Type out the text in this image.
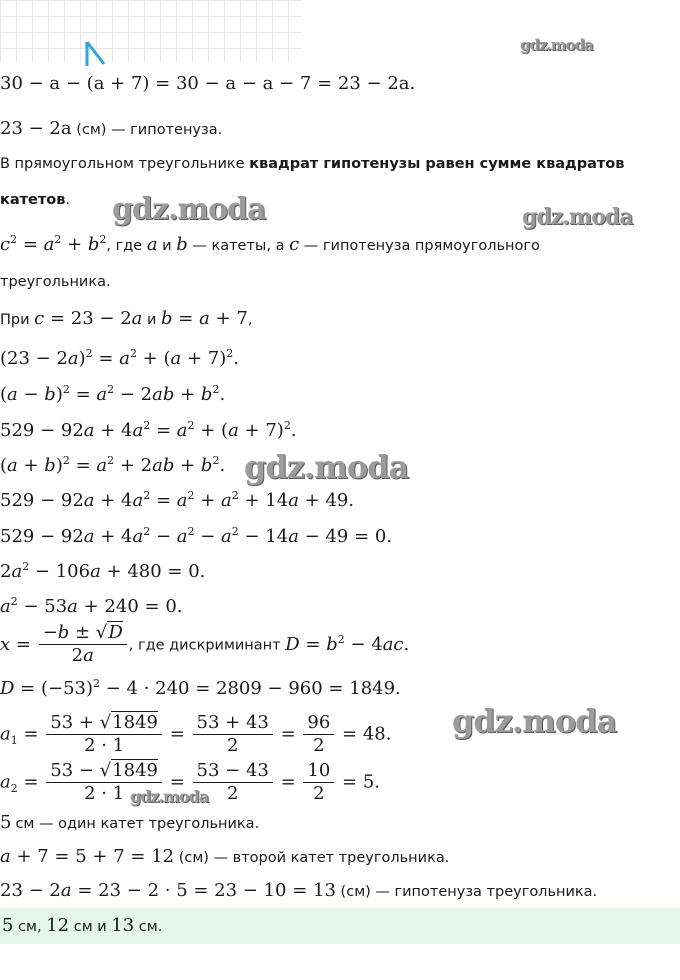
gdz.moda
gdz.moda	gdz.moda
gdz.moda
gdz.moda
gdz.moda
30 − a − (a + 7) = 30 − a − a − 7 = 23 − 2a.
23 − 2a (см) — гипотенуза.
В прямоугольном треугольнике квадрат гипотенузы равен сумме квадратов
катетов.
$c^2 = a^2 + b^2$, где a и b — катеты, а c — гипотенуза прямоугольного
треугольника.
При c = 23 − 2a и b = a + 7,
$(23 - 2a)^2 = a^2 + (a + 7)^2$.
$(a - b)^2 = a^2 - 2ab + b^2$.
$529 - 92a + 4a^2 = a^2 + (a + 7)^2$.
$(a + b)^2 = a^2 + 2ab + b^2$.
$529 - 92a + 4a^2 = a^2 + a^2 + 14a + 49$.
$529 - 92a + 4a^2 - a^2 - a^2 - 14a - 49 = 0$.
$2a^2 - 106a + 480 = 0$.
$a^2 - 53a + 240 = 0$.
$x = \frac{-b \pm √D}{2a}$ , где дискриминант $D = b^2 - 4ac$.
$D = (-53)^2 - 4 \cdot 240 = 2809 - 960 = 1849$.
$a_1 = \frac{53 + √1849}{2 \cdot 1} = \frac{53 + 43}{2} = \frac{96}{2} = 48$.
$a_2 = \frac{53 - √1849}{2 \cdot 1} = \frac{53 - 43}{2} = \frac{10}{2} = 5$.
5 см — один катет треугольника.
a + 7 = 5 + 7 = 12 (см) — второй катет треугольника.
23 − 2a = 23 − 2 · 5 = 23 − 10 = 13 (см) — гипотенуза треугольника.
5 см, 12 см и 13 см.
